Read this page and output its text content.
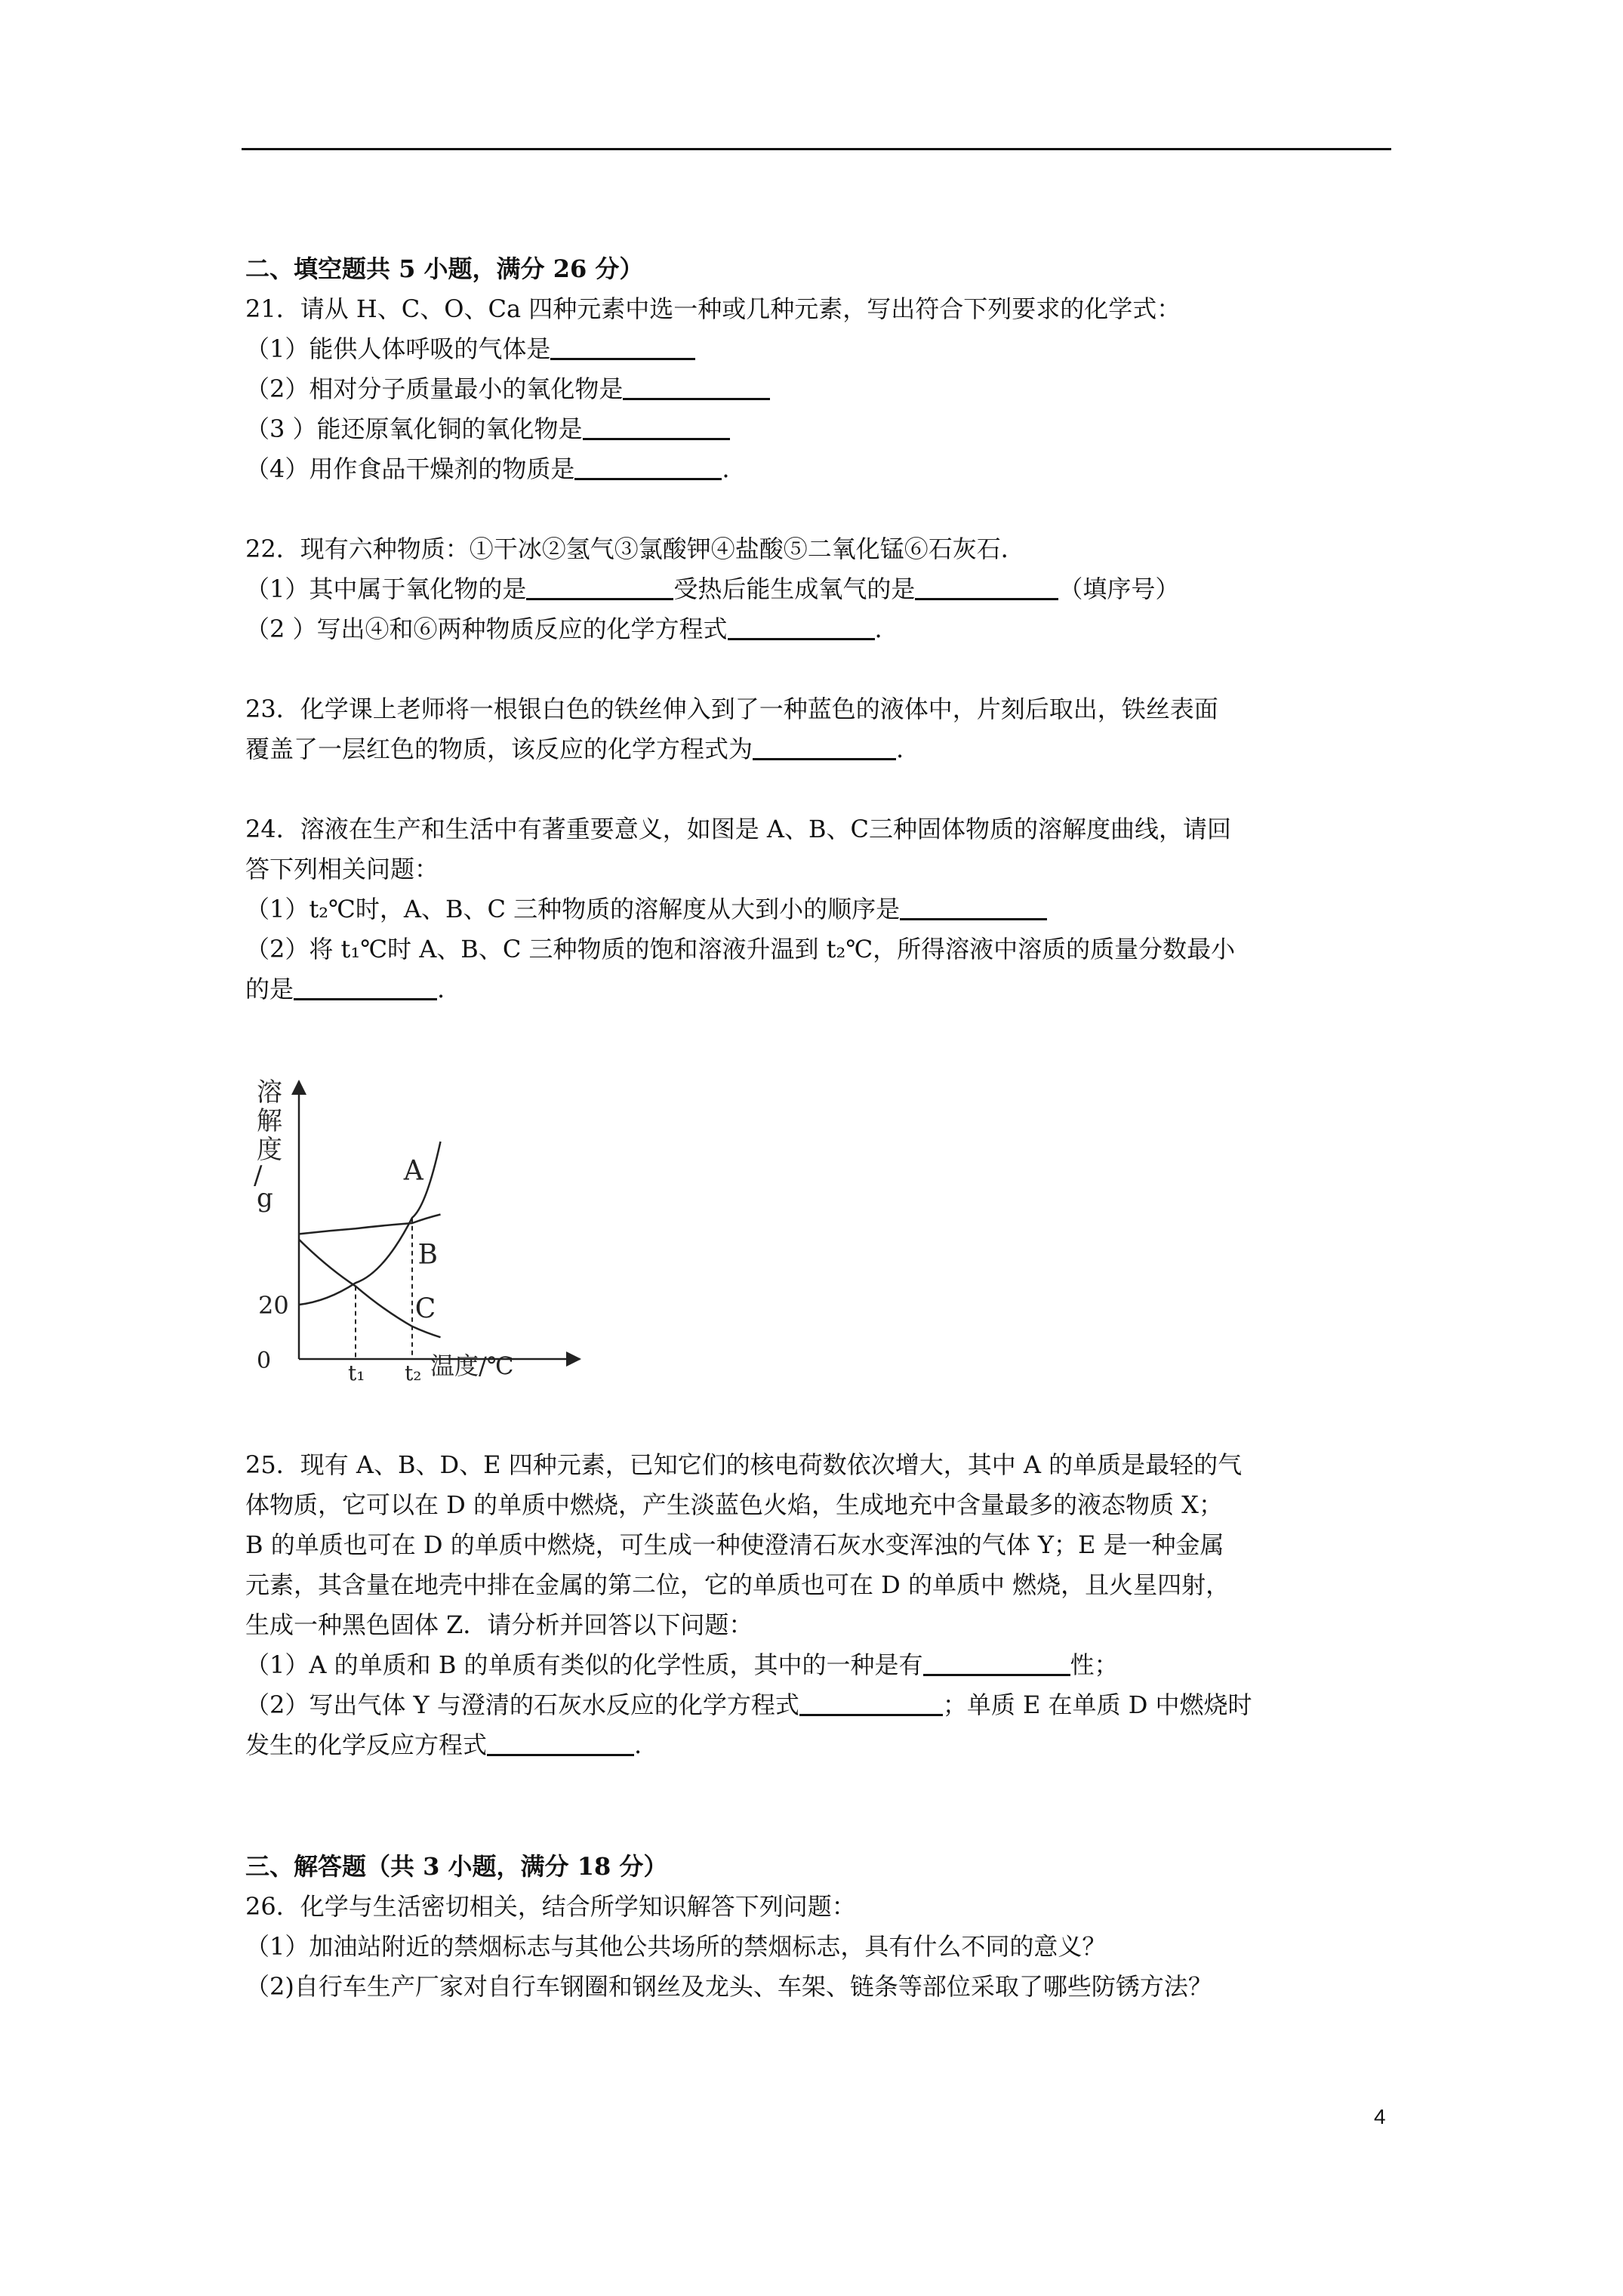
二、填空题共 5 小题，满分 26 分）
21．请从 H、C、O、Ca 四种元素中选一种或几种元素，写出符合下列要求的化学式：
（1）能供人体呼吸的气体是
（2）相对分子质量最小的氧化物是
（3 ）能还原氧化铜的氧化物是
（4）用作食品干燥剂的物质是	.
22．现有六种物质：①干冰②氢气③氯酸钾④盐酸⑤二氧化锰⑥石灰石．
（1）其中属于氧化物的是	受热后能生成氧气的是	（填序号）
（2 ）写出④和⑥两种物质反应的化学方程式	.
23．化学课上老师将一根银白色的铁丝伸入到了一种蓝色的液体中，片刻后取出，铁丝表面
覆盖了一层红色的物质，该反应的化学方程式为	.
24．溶液在生产和生活中有著重要意义，如图是 A、B、C三种固体物质的溶解度曲线，请回
答下列相关问题：
（1）t₂℃时，A、B、C 三种物质的溶解度从大到小的顺序是
（2）将 t₁℃时 A、B、C 三种物质的饱和溶液升温到 t₂℃，所得溶液中溶质的质量分数最小
的是	.
溶
解
度
/
g
0	温度/℃
t₁ t₂
20
A
B
C
25．现有 A、B、D、E 四种元素，已知它们的核电荷数依次增大，其中 A 的单质是最轻的气
体物质，它可以在 D 的单质中燃烧，产生淡蓝色火焰，生成地充中含量最多的液态物质 X；
B 的单质也可在 D 的单质中燃烧，可生成一种使澄清石灰水变浑浊的气体 Y；E 是一种金属
元素，其含量在地壳中排在金属的第二位，它的单质也可在 D 的单质中 燃烧，且火星四射，
生成一种黑色固体 Z．请分析并回答以下问题：
（1）A 的单质和 B 的单质有类似的化学性质，其中的一种是有	性；
（2）写出气体 Y 与澄清的石灰水反应的化学方程式	；单质 E 在单质 D 中燃烧时
发生的化学反应方程式	.
三、解答题（共 3 小题，满分 18 分）
26．化学与生活密切相关，结合所学知识解答下列问题：
（1）加油站附近的禁烟标志与其他公共场所的禁烟标志，具有什么不同的意义？
（2)自行车生产厂家对自行车钢圈和钢丝及龙头、车架、链条等部位采取了哪些防锈方法？
4
